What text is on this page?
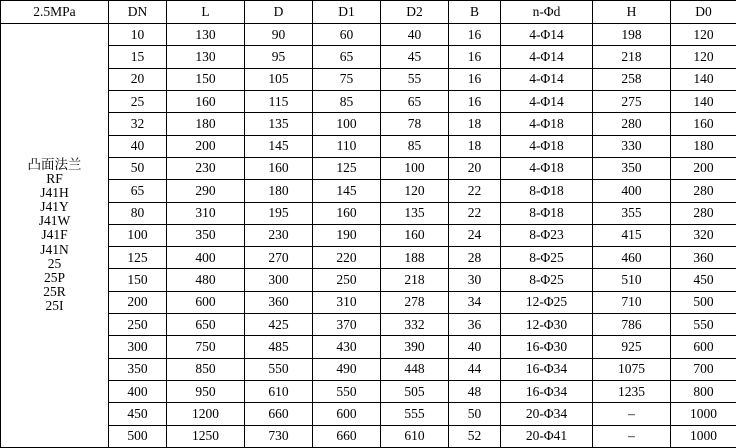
2.5MPa	DN	L	D	D1	D2	B	n-Φd	H	D0

凸面法兰
RF
J41H
J41Y
J41W
J41F
J41N
25
25P
25R
25I
	10	130	90	60	40	16	4-Φ14	198	120
	15	130	95	65	45	16	4-Φ14	218	120
	20	150	105	75	55	16	4-Φ14	258	140
	25	160	115	85	65	16	4-Φ14	275	140
	32	180	135	100	78	18	4-Φ18	280	160
	40	200	145	110	85	18	4-Φ18	330	180
	50	230	160	125	100	20	4-Φ18	350	200
	65	290	180	145	120	22	8-Φ18	400	280
	80	310	195	160	135	22	8-Φ18	355	280
	100	350	230	190	160	24	8-Φ23	415	320
	125	400	270	220	188	28	8-Φ25	460	360
	150	480	300	250	218	30	8-Φ25	510	450
	200	600	360	310	278	34	12-Φ25	710	500
	250	650	425	370	332	36	12-Φ30	786	550
	300	750	485	430	390	40	16-Φ30	925	600
	350	850	550	490	448	44	16-Φ34	1075	700
	400	950	610	550	505	48	16-Φ34	1235	800
	450	1200	660	600	555	50	20-Φ34	–	1000
	500	1250	730	660	610	52	20-Φ41	–	1000
